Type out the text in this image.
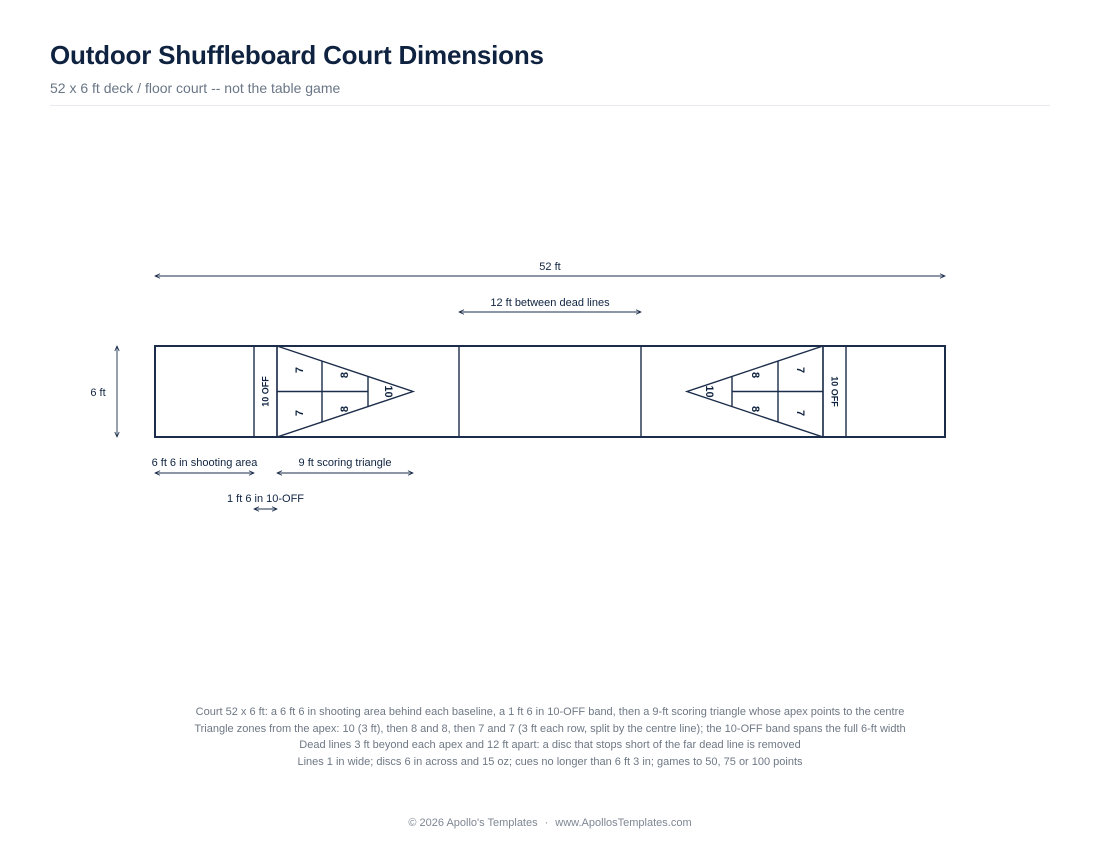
Outdoor Shuffleboard Court Dimensions
52 x 6 ft deck / floor court -- not the table game
52 ft
12 ft between dead lines
6 ft	10 OFF
7
7
8
8
10	10 OFF
7
7
8
8
10
6 ft 6 in shooting area	9 ft scoring triangle
1 ft 6 in 10-OFF
Court 52 x 6 ft: a 6 ft 6 in shooting area behind each baseline, a 1 ft 6 in 10-OFF band, then a 9-ft scoring triangle whose apex points to the centre
Triangle zones from the apex: 10 (3 ft), then 8 and 8, then 7 and 7 (3 ft each row, split by the centre line); the 10-OFF band spans the full 6-ft width
Dead lines 3 ft beyond each apex and 12 ft apart: a disc that stops short of the far dead line is removed
Lines 1 in wide; discs 6 in across and 15 oz; cues no longer than 6 ft 3 in; games to 50, 75 or 100 points
© 2026 Apollo's Templates · www.ApollosTemplates.com
